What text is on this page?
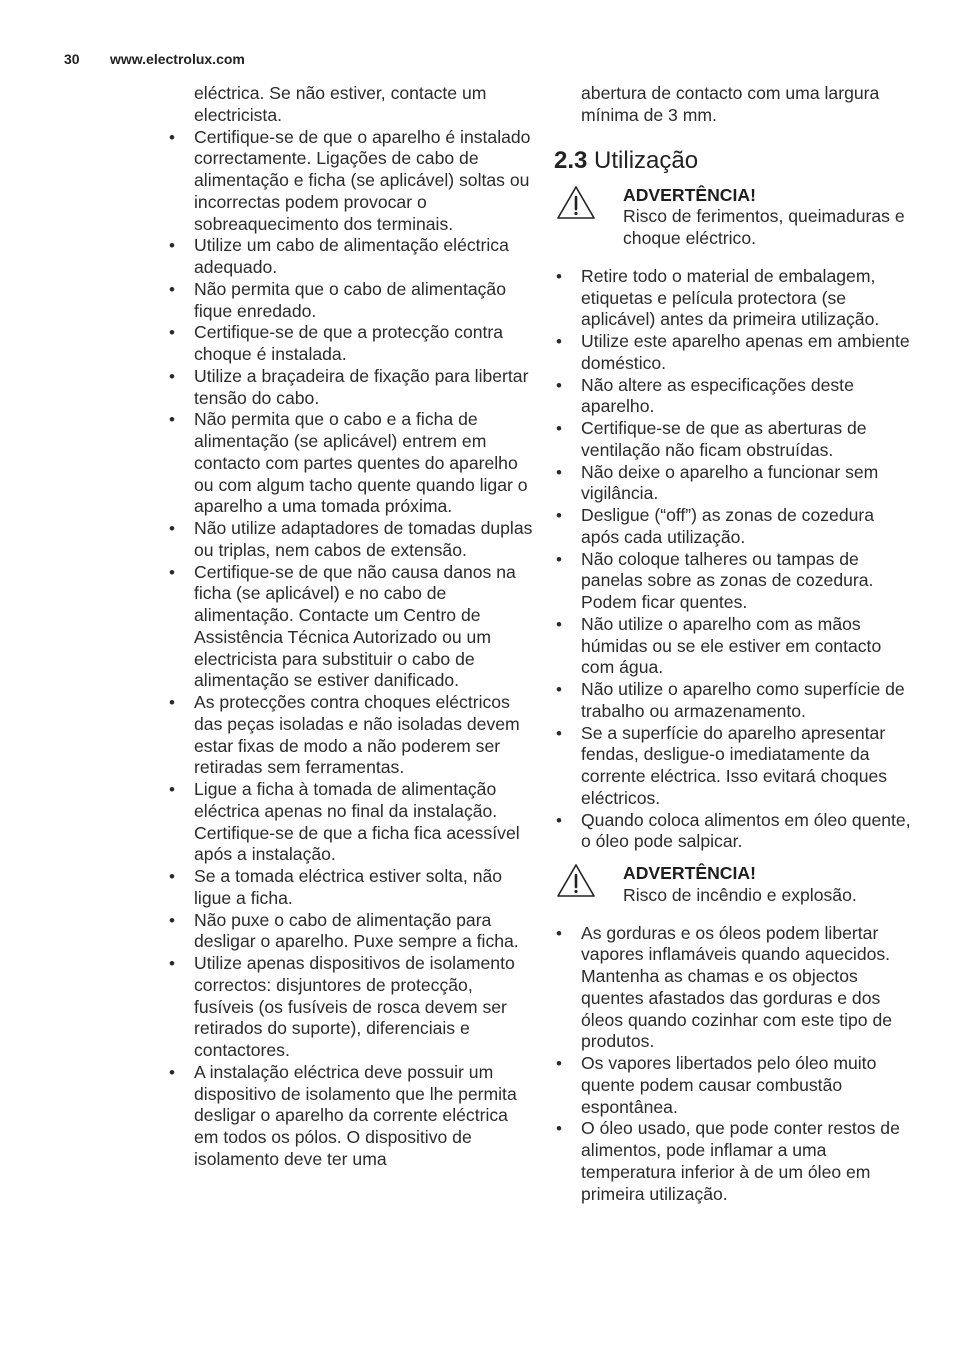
30 www.electrolux.com
eléctrica. Se não estiver, contacte um electricista.
• Certifique-se de que o aparelho é instalado correctamente. Ligações de cabo de alimentação e ficha (se aplicável) soltas ou incorrectas podem provocar o sobreaquecimento dos terminais.
• Utilize um cabo de alimentação eléctrica adequado.
• Não permita que o cabo de alimentação fique enredado.
• Certifique-se de que a protecção contra choque é instalada.
• Utilize a braçadeira de fixação para libertar tensão do cabo.
• Não permita que o cabo e a ficha de alimentação (se aplicável) entrem em contacto com partes quentes do aparelho ou com algum tacho quente quando ligar o aparelho a uma tomada próxima.
• Não utilize adaptadores de tomadas duplas ou triplas, nem cabos de extensão.
• Certifique-se de que não causa danos na ficha (se aplicável) e no cabo de alimentação. Contacte um Centro de Assistência Técnica Autorizado ou um electricista para substituir o cabo de alimentação se estiver danificado.
• As protecções contra choques eléctricos das peças isoladas e não isoladas devem estar fixas de modo a não poderem ser retiradas sem ferramentas.
• Ligue a ficha à tomada de alimentação eléctrica apenas no final da instalação. Certifique-se de que a ficha fica acessível após a instalação.
• Se a tomada eléctrica estiver solta, não ligue a ficha.
• Não puxe o cabo de alimentação para desligar o aparelho. Puxe sempre a ficha.
• Utilize apenas dispositivos de isolamento correctos: disjuntores de protecção, fusíveis (os fusíveis de rosca devem ser retirados do suporte), diferenciais e contactores.
• A instalação eléctrica deve possuir um dispositivo de isolamento que lhe permita desligar o aparelho da corrente eléctrica em todos os pólos. O dispositivo de isolamento deve ter uma
abertura de contacto com uma largura mínima de 3 mm.
2.3 Utilização
ADVERTÊNCIA!
Risco de ferimentos, queimaduras e choque eléctrico.
• Retire todo o material de embalagem, etiquetas e película protectora (se aplicável) antes da primeira utilização.
• Utilize este aparelho apenas em ambiente doméstico.
• Não altere as especificações deste aparelho.
• Certifique-se de que as aberturas de ventilação não ficam obstruídas.
• Não deixe o aparelho a funcionar sem vigilância.
• Desligue (“off”) as zonas de cozedura após cada utilização.
• Não coloque talheres ou tampas de panelas sobre as zonas de cozedura. Podem ficar quentes.
• Não utilize o aparelho com as mãos húmidas ou se ele estiver em contacto com água.
• Não utilize o aparelho como superfície de trabalho ou armazenamento.
• Se a superfície do aparelho apresentar fendas, desligue-o imediatamente da corrente eléctrica. Isso evitará choques eléctricos.
• Quando coloca alimentos em óleo quente, o óleo pode salpicar.
ADVERTÊNCIA!
Risco de incêndio e explosão.
• As gorduras e os óleos podem libertar vapores inflamáveis quando aquecidos. Mantenha as chamas e os objectos quentes afastados das gorduras e dos óleos quando cozinhar com este tipo de produtos.
• Os vapores libertados pelo óleo muito quente podem causar combustão espontânea.
• O óleo usado, que pode conter restos de alimentos, pode inflamar a uma temperatura inferior à de um óleo em primeira utilização.
